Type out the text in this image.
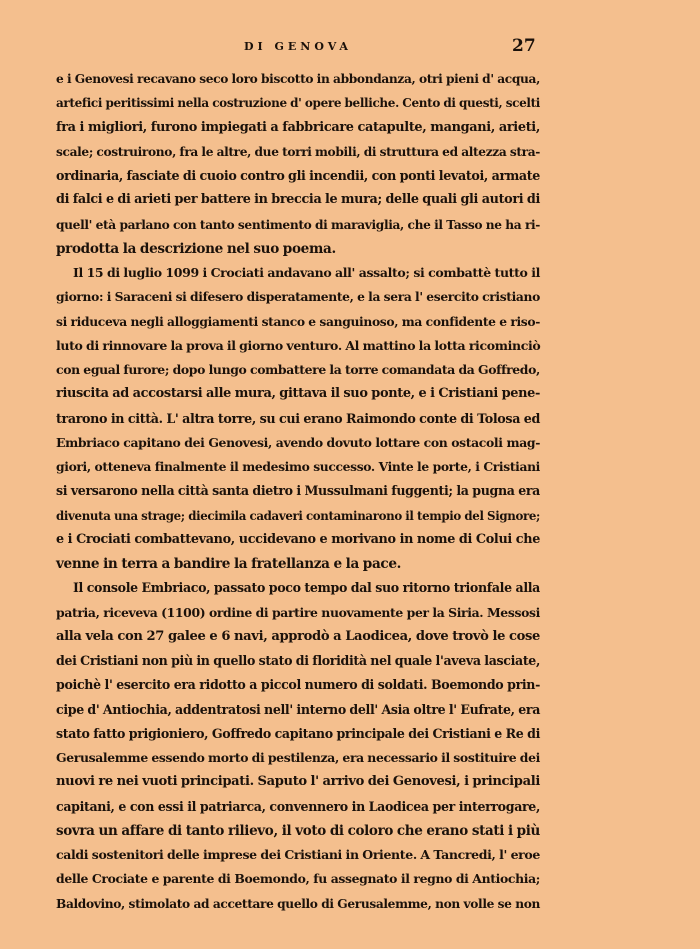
DI GENOVA	27
e i Genovesi recavano seco loro biscotto in abbondanza, otri pieni d' acqua,
artefici peritissimi nella costruzione d' opere belliche. Cento di questi, scelti
fra i migliori, furono impiegati a fabbricare catapulte, mangani, arieti,
scale; costruirono, fra le altre, due torri mobili, di struttura ed altezza stra-
ordinaria, fasciate di cuoio contro gli incendii, con ponti levatoi, armate
di falci e di arieti per battere in breccia le mura; delle quali gli autori di
quell' età parlano con tanto sentimento di maraviglia, che il Tasso ne ha ri-
prodotta la descrizione nel suo poema.
Il 15 di luglio 1099 i Crociati andavano all' assalto; si combattè tutto il
giorno: i Saraceni si difesero disperatamente, e la sera l' esercito cristiano
si riduceva negli alloggiamenti stanco e sanguinoso, ma confidente e riso-
luto di rinnovare la prova il giorno venturo. Al mattino la lotta ricominciò
con egual furore; dopo lungo combattere la torre comandata da Goffredo,
riuscita ad accostarsi alle mura, gittava il suo ponte, e i Cristiani pene-
trarono in città. L' altra torre, su cui erano Raimondo conte di Tolosa ed
Embriaco capitano dei Genovesi, avendo dovuto lottare con ostacoli mag-
giori, otteneva finalmente il medesimo successo. Vinte le porte, i Cristiani
si versarono nella città santa dietro i Mussulmani fuggenti; la pugna era
divenuta una strage; diecimila cadaveri contaminarono il tempio del Signore;
e i Crociati combattevano, uccidevano e morivano in nome di Colui che
venne in terra a bandire la fratellanza e la pace.
Il console Embriaco, passato poco tempo dal suo ritorno trionfale alla
patria, riceveva (1100) ordine di partire nuovamente per la Siria. Messosi
alla vela con 27 galee e 6 navi, approdò a Laodicea, dove trovò le cose
dei Cristiani non più in quello stato di floridità nel quale l'aveva lasciate,
poichè l' esercito era ridotto a piccol numero di soldati. Boemondo prin-
cipe d' Antiochia, addentratosi nell' interno dell' Asia oltre l' Eufrate, era
stato fatto prigioniero, Goffredo capitano principale dei Cristiani e Re di
Gerusalemme essendo morto di pestilenza, era necessario il sostituire dei
nuovi re nei vuoti principati. Saputo l' arrivo dei Genovesi, i principali
capitani, e con essi il patriarca, convennero in Laodicea per interrogare,
sovra un affare di tanto rilievo, il voto di coloro che erano stati i più
caldi sostenitori delle imprese dei Cristiani in Oriente. A Tancredi, l' eroe
delle Crociate e parente di Boemondo, fu assegnato il regno di Antiochia;
Baldovino, stimolato ad accettare quello di Gerusalemme, non volle se non
